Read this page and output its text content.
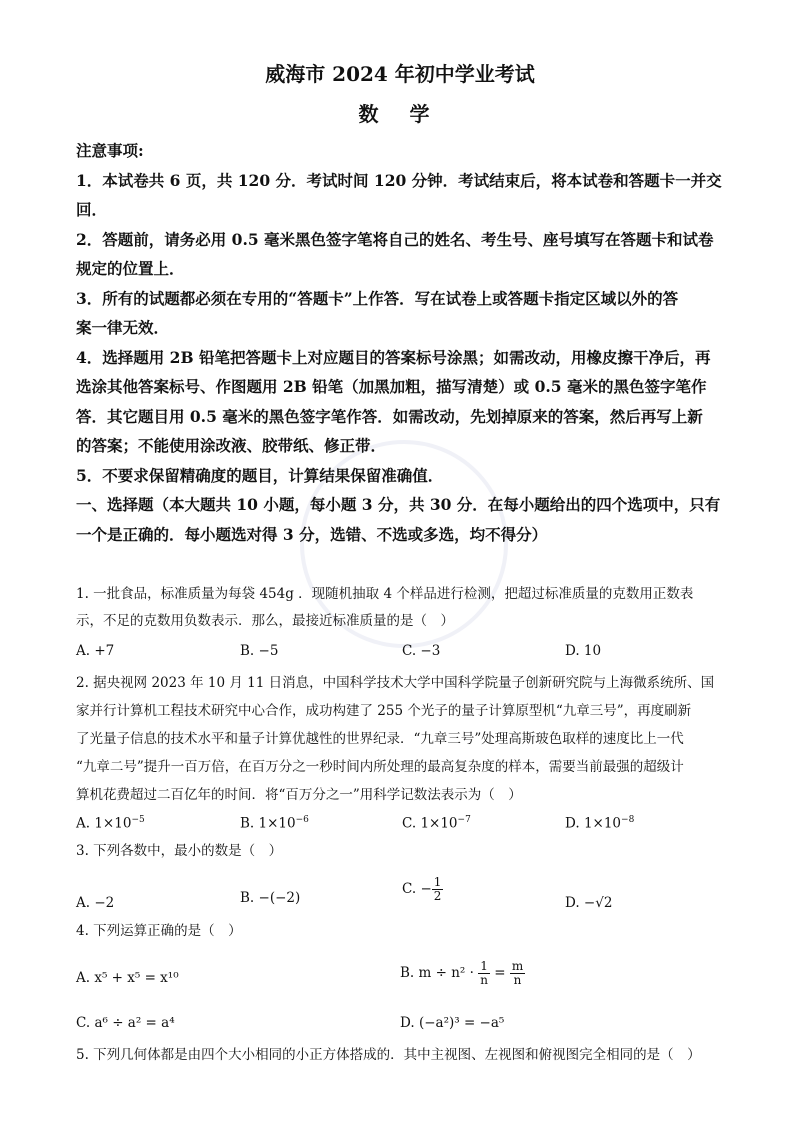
威海市 2024 年初中学业考试
数 学

注意事项:

1．本试卷共 6 页，共 120 分．考试时间 120 分钟．考试结束后，将本试卷和答题卡一并交

回．

2．答题前，请务必用 0.5 毫米黑色签字笔将自己的姓名、考生号、座号填写在答题卡和试卷

规定的位置上．

3．所有的试题都必须在专用的“答题卡”上作答．写在试卷上或答题卡指定区域以外的答

案一律无效．

4．选择题用 2B 铅笔把答题卡上对应题目的答案标号涂黑；如需改动，用橡皮擦干净后，再

选涂其他答案标号、作图题用 2B 铅笔（加黑加粗，描写清楚）或 0.5 毫米的黑色签字笔作

答．其它题目用 0.5 毫米的黑色签字笔作答．如需改动，先划掉原来的答案，然后再写上新

的答案；不能使用涂改液、胶带纸、修正带．

5．不要求保留精确度的题目，计算结果保留准确值．

一、选择题（本大题共 10 小题，每小题 3 分，共 30 分．在每小题给出的四个选项中，只有

一个是正确的．每小题选对得 3 分，选错、不选或多选，均不得分）

1. 一批食品，标准质量为每袋 454g ．现随机抽取 4 个样品进行检测，把超过标准质量的克数用正数表

示，不足的克数用负数表示．那么，最接近标准质量的是（　）

A. +7	B. −5	C. −3	D. 10

2. 据央视网 2023 年 10 月 11 日消息，中国科学技术大学中国科学院量子创新研究院与上海微系统所、国

家并行计算机工程技术研究中心合作，成功构建了 255 个光子的量子计算原型机“九章三号”，再度刷新

了光量子信息的技术水平和量子计算优越性的世界纪录．“九章三号”处理高斯玻色取样的速度比上一代

“九章二号”提升一百万倍，在百万分之一秒时间内所处理的最高复杂度的样本，需要当前最强的超级计

算机花费超过二百亿年的时间．将“百万分之一”用科学记数法表示为（　）

A. $1\times 10^{-5}$	B. $1\times 10^{-6}$	C. $1\times 10^{-7}$	D. $1\times 10^{-8}$

3. 下列各数中，最小的数是（　）

A. −2	B. −(−2)
C. − $\frac{1}{2}$	D. −√2

4. 下列运算正确的是（　）

A. x⁵ + x⁵ = x¹⁰	B. $m \div n^2 \cdot \frac{1}{n} = \frac{m}{n}$
C. a⁶ ÷ a² = a⁴	D. (−a²)³ = −a⁵

5. 下列几何体都是由四个大小相同的小正方体搭成的．其中主视图、左视图和俯视图完全相同的是（　）
